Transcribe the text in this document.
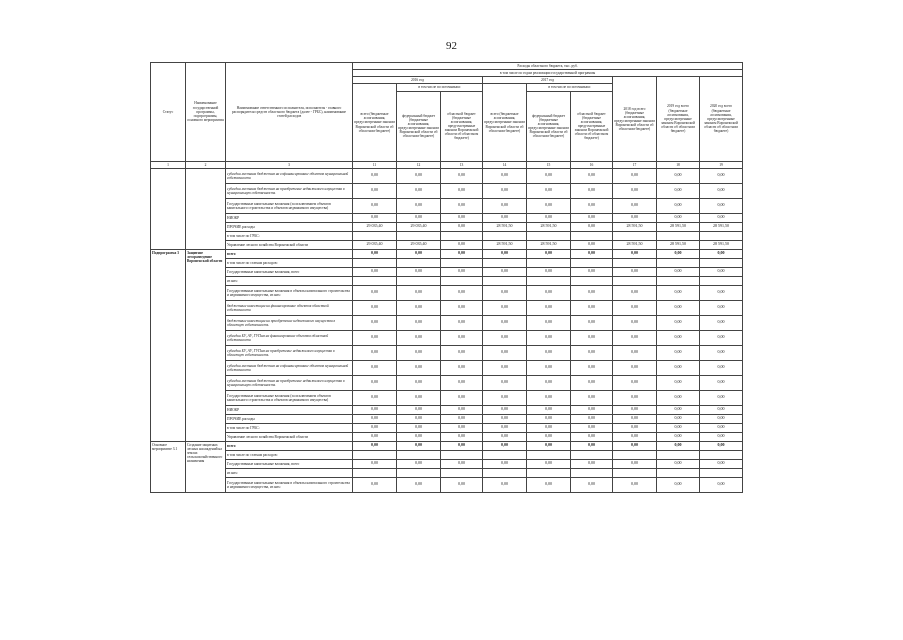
92
Статус	Наименование государственной программы, подпрограммы, основного мероприятия	Наименование ответственного исполнителя, исполнителя - главного распорядителя средств областного бюджета (далее - ГРБС), наименование статей расходов	Расходы областного бюджета, тыс. руб.								
			в том числе по годам реализации государственной программы								
			2016 год			2017 год			2018 год всего (бюджетные ассигнования, предусмотренные законом Воронежской области об областном бюджете)	2019 год всего (бюджетные ассигнования, предусмотренные законом Воронежской области об областном бюджете)	2020 год всего (бюджетные ассигнования, предусмотренные законом Воронежской области об областном бюджете)
			всего (бюджетные ассигнования, предусмотренные законом Воронежской области об областном бюджете)	в том числе по источникам:		всего (бюджетные ассигнования, предусмотренные законом Воронежской области об областном бюджете)	в том числе по источникам:				
				федеральный бюджет (бюджетные ассигнования, предусмотренные законом Воронежской области об областном бюджете)	областной бюджет (бюджетные ассигнования, предусмотренные законом Воронежской области об областном бюджете)		федеральный бюджет (бюджетные ассигнования, предусмотренные законом Воронежской области об областном бюджете)	областной бюджет (бюджетные ассигнования, предусмотренные законом Воронежской области об областном бюджете)			
1	2	3	11	12	13	14	15	16	17	18	19
		субсидии местным бюджетам на софинансирование объектов муниципальной собственности	0,00	0,00	0,00	0,00	0,00	0,00	0,00	0,00	0,00
		субсидии местным бюджетам на приобретение недвижимого имущества в муниципальную собственность	0,00	0,00	0,00	0,00	0,00	0,00	0,00	0,00	0,00
		Государственные капитальные вложения (за исключением объектов капитального строительства и объектов недвижимого имущества)	0,00	0,00	0,00	0,00	0,00	0,00	0,00	0,00	0,00
		НИОКР	0,00	0,00	0,00	0,00	0,00	0,00	0,00	0,00	0,00
		ПРОЧИЕ расходы	29 035,40	29 035,40	0,00	28 591,50	28 591,50	0,00	28 591,50	28 591,50	28 591,50
		в том числе по ГРБС:									
		Управление лесного хозяйства Воронежской области	29 035,40	29 035,40	0,00	28 591,50	28 591,50	0,00	28 591,50	28 591,50	28 591,50
Подпрограмма 3	Защитное лесоразведение Воронежской области	всего	0,00	0,00	0,00	0,00	0,00	0,00	0,00	0,00	0,00
		в том числе по статьям расходов:									
		Государственные капитальные вложения, всего	0,00	0,00	0,00	0,00	0,00	0,00	0,00	0,00	0,00
		из них:									
		Государственные капитальные вложения в объекты капитального строительства и недвижимого имущества, из них:	0,00	0,00	0,00	0,00	0,00	0,00	0,00	0,00	0,00
		бюджетные инвестиции на финансирование объектов областной собственности	0,00	0,00	0,00	0,00	0,00	0,00	0,00	0,00	0,00
		бюджетные инвестиции на приобретение недвижимого имущества в областную собственность	0,00	0,00	0,00	0,00	0,00	0,00	0,00	0,00	0,00
		субсидии БУ, АУ, ГУПам на финансирование объектов областной собственности	0,00	0,00	0,00	0,00	0,00	0,00	0,00	0,00	0,00
		субсидии БУ, АУ, ГУПам на приобретение недвижимого имущества в областную собственность	0,00	0,00	0,00	0,00	0,00	0,00	0,00	0,00	0,00
		субсидии местным бюджетам на софинансирование объектов муниципальной собственности	0,00	0,00	0,00	0,00	0,00	0,00	0,00	0,00	0,00
		субсидии местным бюджетам на приобретение недвижимого имущества в муниципальную собственность	0,00	0,00	0,00	0,00	0,00	0,00	0,00	0,00	0,00
		Государственные капитальные вложения (за исключением объектов капитального строительства и объектов недвижимого имущества)	0,00	0,00	0,00	0,00	0,00	0,00	0,00	0,00	0,00
		НИОКР	0,00	0,00	0,00	0,00	0,00	0,00	0,00	0,00	0,00
		ПРОЧИЕ расходы	0,00	0,00	0,00	0,00	0,00	0,00	0,00	0,00	0,00
		в том числе по ГРБС:	0,00	0,00	0,00	0,00	0,00	0,00	0,00	0,00	0,00
		Управление лесного хозяйства Воронежской области	0,00	0,00	0,00	0,00	0,00	0,00	0,00	0,00	0,00
Основное мероприятие 3.1	Создание защитных лесных насаждений на землях сельскохозяйственного назначения	всего	0,00	0,00	0,00	0,00	0,00	0,00	0,00	0,00	0,00
		в том числе по статьям расходов:									
		Государственные капитальные вложения, всего	0,00	0,00	0,00	0,00	0,00	0,00	0,00	0,00	0,00
		из них:									
		Государственные капитальные вложения в объекты капитального строительства и недвижимого имущества, из них:	0,00	0,00	0,00	0,00	0,00	0,00	0,00	0,00	0,00
